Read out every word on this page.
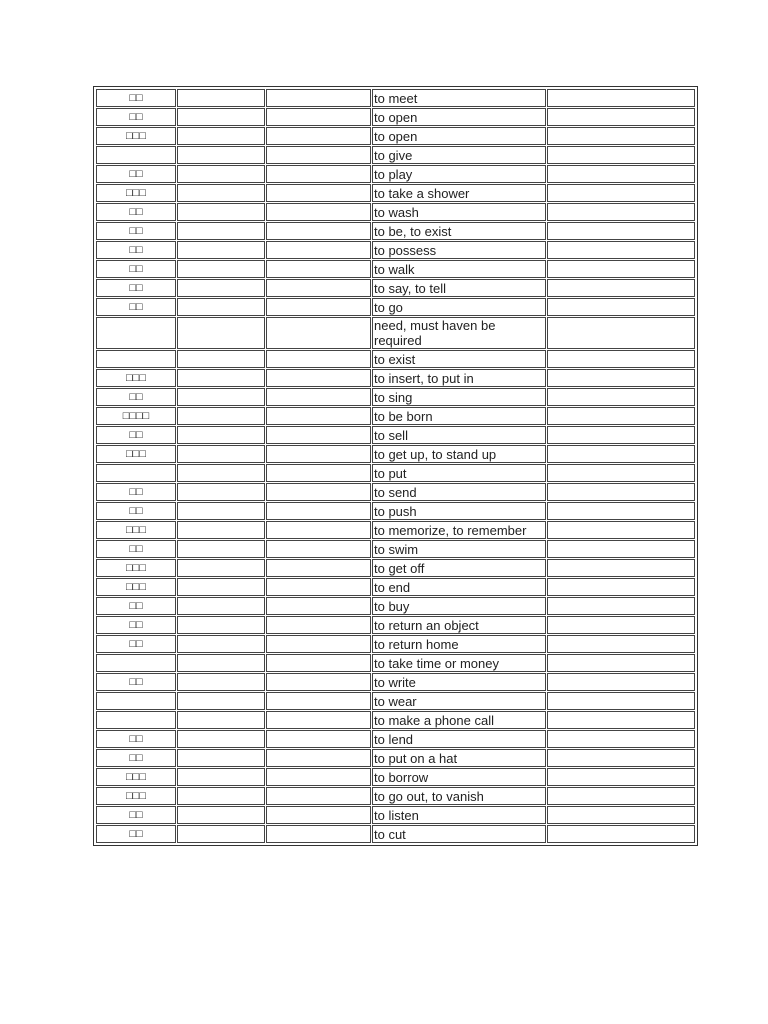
□□			to meet	
□□			to open	
□□□			to open	
			to give	
□□			to play	
□□□			to take a shower	
□□			to wash	
□□			to be, to exist	
□□			to possess	
□□			to walk	
□□			to say, to tell	
□□			to go	
			need, must haven be required	
			to exist	
□□□			to insert, to put in	
□□			to sing	
□□□□			to be born	
□□			to sell	
□□□			to get up, to stand up	
			to put	
□□			to send	
□□			to push	
□□□			to memorize, to remember	
□□			to swim	
□□□			to get off	
□□□			to end	
□□			to buy	
□□			to return an object	
□□			to return home	
			to take time or money	
□□			to write	
			to wear	
			to make a phone call	
□□			to lend	
□□			to put on a hat	
□□□			to borrow	
□□□			to go out, to vanish	
□□			to listen	
□□			to cut	
